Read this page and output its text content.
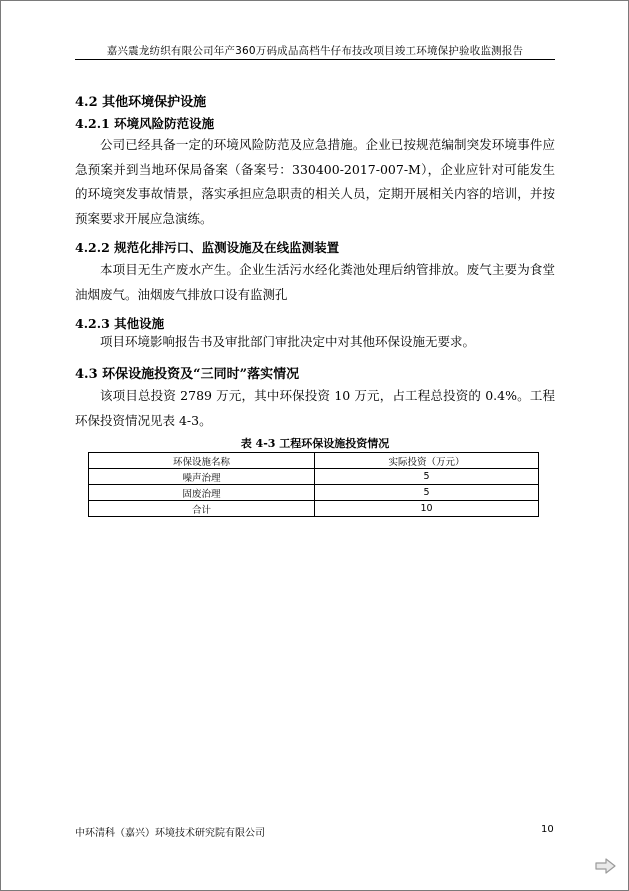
嘉兴震龙纺织有限公司年产360万码成品高档牛仔布技改项目竣工环境保护验收监测报告
4.2 其他环境保护设施
4.2.1 环境风险防范设施
公司已经具备一定的环境风险防范及应急措施。企业已按规范编制突发环境事件应急预案并到当地环保局备案（备案号：330400-2017-007-M），企业应针对可能发生的环境突发事故情景，落实承担应急职责的相关人员，定期开展相关内容的培训，并按预案要求开展应急演练。
4.2.2 规范化排污口、监测设施及在线监测装置
本项目无生产废水产生。企业生活污水经化粪池处理后纳管排放。废气主要为食堂油烟废气。油烟废气排放口设有监测孔
4.2.3 其他设施
项目环境影响报告书及审批部门审批决定中对其他环保设施无要求。
4.3 环保设施投资及“三同时”落实情况
该项目总投资 2789 万元，其中环保投资 10 万元，占工程总投资的 0.4%。工程环保投资情况见表 4-3。
表 4-3 工程环保设施投资情况
环保设施名称	实际投资（万元）
噪声治理	5
固废治理	5
合计	10
中环清科（嘉兴）环境技术研究院有限公司	10
